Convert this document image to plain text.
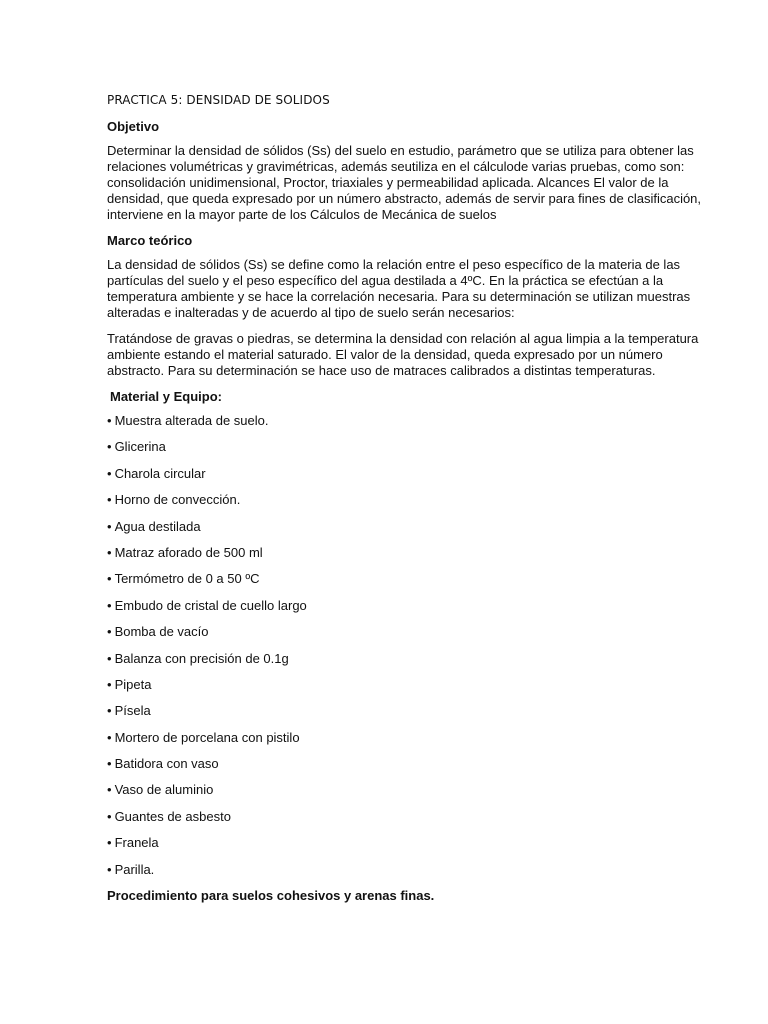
PRACTICA 5: DENSIDAD DE SOLIDOS
Objetivo

Determinar la densidad de sólidos (Ss) del suelo en estudio, parámetro que se utiliza para obtener las relaciones volumétricas y gravimétricas, además seutiliza en el cálculode varias pruebas, como son: consolidación unidimensional, Proctor, triaxiales y permeabilidad aplicada. Alcances El valor de la densidad, que queda expresado por un número abstracto, además de servir para fines de clasificación, interviene en la mayor parte de los Cálculos de Mecánica de suelos

Marco teórico

La densidad de sólidos (Ss) se define como la relación entre el peso específico de la materia de las partículas del suelo y el peso específico del agua destilada a 4ºC. En la práctica se efectúan a la temperatura ambiente y se hace la correlación necesaria. Para su determinación se utilizan muestras alteradas e inalteradas y de acuerdo al tipo de suelo serán necesarios:

Tratándose de gravas o piedras, se determina la densidad con relación al agua limpia a la temperatura ambiente estando el material saturado. El valor de la densidad, queda expresado por un número abstracto. Para su determinación se hace uso de matraces calibrados a distintas temperaturas.

Material y Equipo:
• Muestra alterada de suelo.
• Glicerina
• Charola circular
• Horno de convección.
• Agua destilada
• Matraz aforado de 500 ml
• Termómetro de 0 a 50 ºC
• Embudo de cristal de cuello largo
• Bomba de vacío
• Balanza con precisión de 0.1g
• Pipeta
• Písela
• Mortero de porcelana con pistilo
• Batidora con vaso
• Vaso de aluminio
• Guantes de asbesto
• Franela
• Parilla.
Procedimiento para suelos cohesivos y arenas finas.
